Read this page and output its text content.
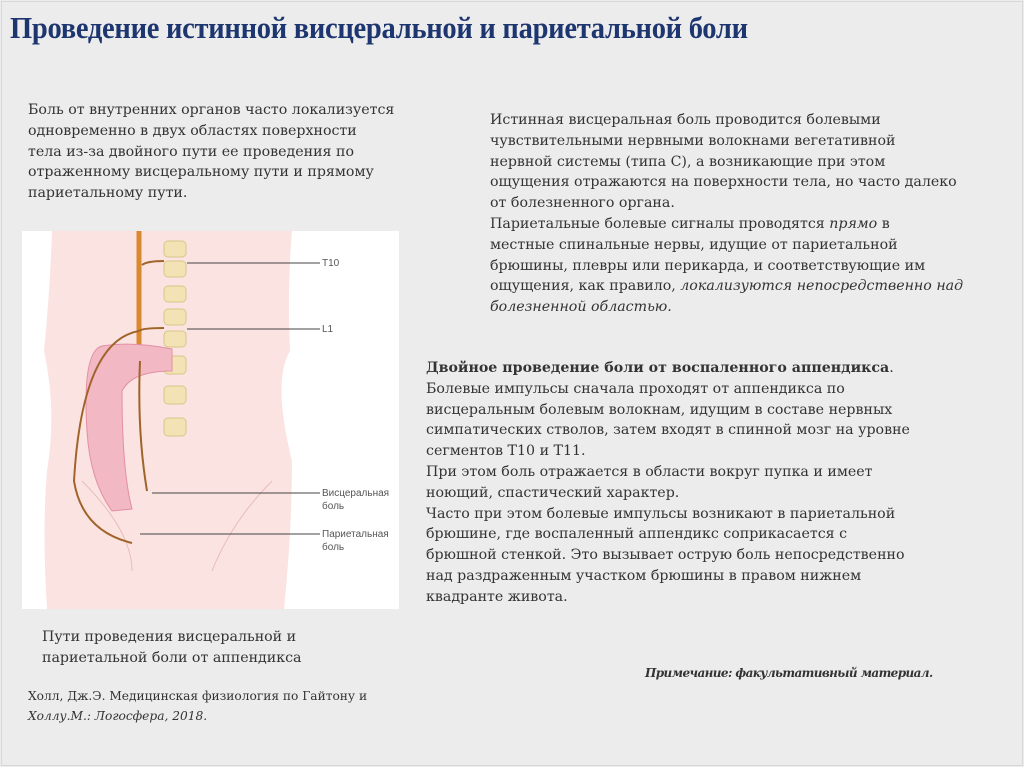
Проведение истинной висцеральной и париетальной боли
Боль от внутренних органов часто локализуется
одновременно в двух областях поверхности
тела из-за двойного пути ее проведения по
отраженному висцеральному пути и прямому
париетальному пути.
Истинная висцеральная боль проводится болевыми
чувствительными нервными волокнами вегетативной
нервной системы (типа С), а возникающие при этом
ощущения отражаются на поверхности тела, но часто далеко
от болезненного органа.
Париетальные болевые сигналы проводятся прямо в
местные спинальные нервы, идущие от париетальной
брюшины, плевры или перикарда, и соответствующие им
ощущения, как правило, локализуются непосредственно над
болезненной областью.
Двойное проведение боли от воспаленного аппендикса.
Болевые импульсы сначала проходят от аппендикса по
висцеральным болевым волокнам, идущим в составе нервных
симпатических стволов, затем входят в спинной мозг на уровне
сегментов Т10 и Т11.
При этом боль отражается в области вокруг пупка и имеет
ноющий, спастический характер.
Часто при этом болевые импульсы возникают в париетальной
брюшине, где воспаленный аппендикс соприкасается с
брюшной стенкой. Это вызывает острую боль непосредственно
над раздраженным участком брюшины в правом нижнем
квадранте живота.
T10
L1
Висцеральная
боль
Париетальная
боль
Пути проведения висцеральной и
париетальной боли от аппендикса
Холл, Дж.Э. Медицинская физиология по Гайтону и
Холлу.М.: Логосфера, 2018.
Примечание: факультативный материал.
